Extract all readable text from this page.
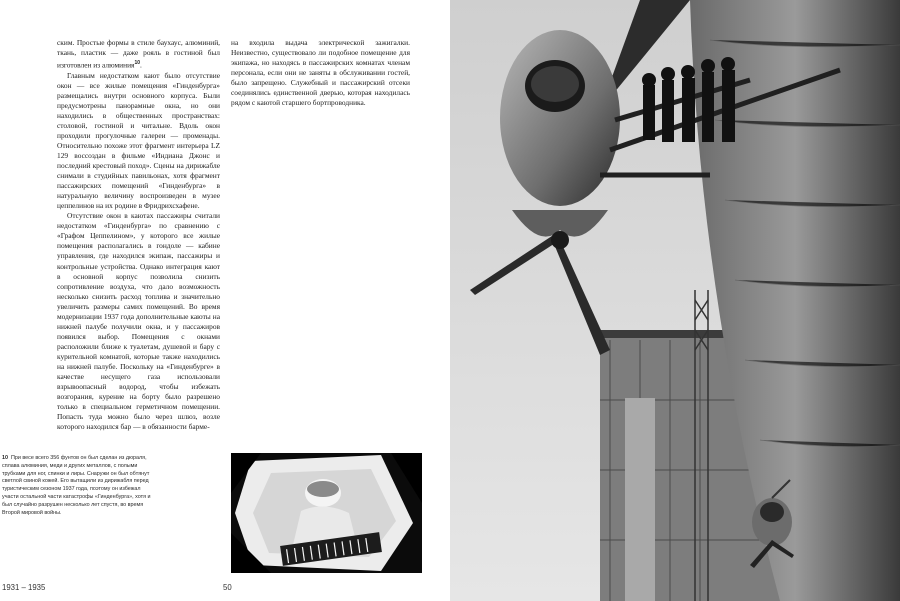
ским. Простые формы в стиле баухаус, алюминий, ткань, пластик — даже рояль в гостиной был изготовлен из алюминия$^{10}$.

Главным недостатком кают было отсутствие окон — все жилые помещения «Гинденбурга» размещались внутри основного корпуса. Были предусмотрены панорамные окна, но они находились в общественных пространствах: столовой, гостиной и читальне. Вдоль окон проходили прогулочные галереи — променады. Относительно похоже этот фрагмент интерьера LZ 129 воссоздан в фильме «Индиана Джонс и последний крестовый поход». Сцены на дирижабле снимали в студийных павильонах, хотя фрагмент пассажирских помещений «Гинденбурга» в натуральную величину воспроизведен в музее цеппелинов на их родине в Фридрихсхафене.

Отсутствие окон в каютах пассажиры считали недостатком «Гинденбурга» по сравнению с «Графом Цеппелином», у которого все жилые помещения располагались в гондоле — кабине управления, где находился экипаж, пассажиры и контрольные устройства. Однако интеграция кают в основной корпус позволила снизить сопротивление воздуха, что дало возможность несколько снизить расход топлива и значительно увеличить размеры самих помещений. Во время модернизации 1937 года дополнительные каюты на нижней палубе получили окна, и у пассажиров появился выбор. Помещения с окнами расположили ближе к туалетам, душевой и бару с курительной комнатой, которые также находились на нижней палубе. Поскольку на «Гинденбурге» в качестве несущего газа использовали взрывоопасный водород, чтобы избежать возгорания, курение на борту было разрешено только в специальном герметичном помещении. Попасть туда можно было через шлюз, возле которого находился бар — в обязанности барме-

на входила выдача электрической зажигалки. Неизвестно, существовало ли подобное помещение для экипажа, но находясь в пассажирских комнатах членам персонала, если они не заняты в обслуживании гостей, было запрещено. Служебный и пассажирский отсеки соединялись единственной дверью, которая находилась рядом с каютой старшего бортпроводника.

10 При весе всего 356 фунтов он был сделан из дюраля, сплава алюминия, меди и других металлов, с полыми трубками для ног, спинки и лиры. Снаружи он был обтянут светлой свиной кожей. Его вытащили из дирижабля перед туристическим сезоном 1937 года, поэтому он избежал участи остальной части катастрофы «Гинденбурга», хотя и был случайно разрушен несколько лет спустя, во время Второй мировой войны.
1931 – 1935	50
